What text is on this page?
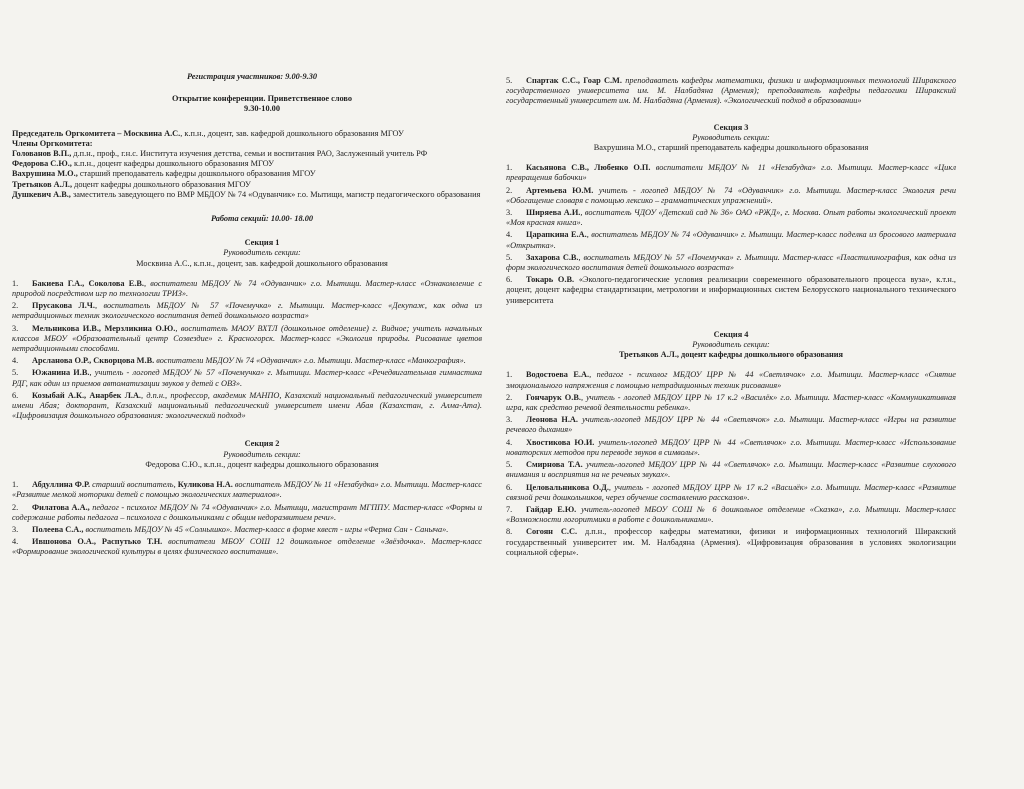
Регистрация участников: 9.00-9.30

Открытие конференции. Приветственное слово

9.30-10.00

Председатель Оргкомитета – Москвина А.С., к.п.н., доцент, зав. кафедрой дошкольного образования МГОУ

Члены Оргкомитета:

Голованов В.П., д.п.н., проф., г.н.с. Института изучения детства, семьи и воспитания РАО, Заслуженный учитель РФ

Федорова С.Ю., к.п.н., доцент кафедры дошкольного образования МГОУ

Вахрушина М.О., старший преподаватель кафедры дошкольного образования МГОУ

Третьяков А.Л., доцент кафедры дошкольного образования МГОУ

Душкевич А.В., заместитель заведующего по ВМР МБДОУ № 74 «Одуванчик» г.о. Мытищи, магистр педагогического образования

Работа секций: 10.00- 18.00

Секция 1

Руководитель секции:

Москвина А.С., к.п.н., доцент, зав. кафедрой дошкольного образования

1. Бакиева Г.А., Соколова Е.В., воспитатели МБДОУ № 74 «Одуванчик» г.о. Мытищи. Мастер-класс «Ознакомление с природой посредством игр по технологии ТРИЗ».
2. Прусакова Л.Ч., воспитатель МБДОУ № 57 «Почемучка» г. Мытищи. Мастер-класс «Декупаж, как одна из нетрадиционных техник экологического воспитания детей дошкольного возраста»
3. Мельникова И.В., Мерзликина О.Ю., воспитатель МАОУ ВХТЛ (дошкольное отделение) г. Видное; учитель начальных классов МБОУ «Образовательный центр Созвездие» г. Красногорск. Мастер-класс «Экология природы. Рисование цветов нетрадиционными способами.
4. Арсланова О.Р., Скворцова М.В. воспитатели МБДОУ № 74 «Одуванчик» г.о. Мытищи. Мастер-класс «Манкография».
5. Южанина И.В., учитель - логопед МБДОУ № 57 «Почемучка» г. Мытищи. Мастер-класс «Речедвигательная гимнастика РДГ, как один из приемов автоматизации звуков у детей с ОВЗ».
6. Козыбай А.К., Анарбек Л.А., д.п.н., профессор, академик МАНПО, Казахский национальный педагогический университет имени Абая; докторант, Казахский национальный педагогический университет имени Абая (Казахстан, г. Алма-Ата). «Цифровизация дошкольного образования: экологический подход»

Секция 2

Руководитель секции:

Федорова С.Ю., к.п.н., доцент кафедры дошкольного образования

1. Абдуллина Ф.Р. старший воспитатель, Куликова Н.А. воспитатель МБДОУ № 11 «Незабудка» г.о. Мытищи. Мастер-класс «Развитие мелкой моторики детей с помощью экологических материалов».
2. Филатова А.А., педагог - психолог МБДОУ № 74 «Одуванчик» г.о. Мытищи, магистрант МГППУ. Мастер-класс «Формы и содержание работы педагога – психолога с дошкольниками с общим недоразвитием речи».
3. Полеева С.А., воспитатель МБДОУ № 45 «Солнышко». Мастер-класс в форме квест - игры «Ферма Сан - Саныча».
4. Ившонова О.А., Распутько Т.Н. воспитатели МБОУ СОШ 12 дошкольное отделение «Звёздочка». Мастер-класс «Формирование экологической культуры в целях физического воспитания».
5. Спартак С.С., Гоар С.М. преподаватель кафедры математики, физики и информационных технологий Ширакского государственного университета им. М. Налбадяна (Армения); преподаватель кафедры педагогики Ширакский государственный университет им. М. Налбадяна (Армения). «Экологический подход в образовании»

Секция 3

Руководитель секции:

Вахрушина М.О., старший преподаватель кафедры дошкольного образования

1. Касьянова С.В., Любенко О.П. воспитатели МБДОУ № 11 «Незабудка» г.о. Мытищи. Мастер-класс «Цикл превращения бабочки»
2. Артемьева Ю.М. учитель - логопед МБДОУ № 74 «Одуванчик» г.о. Мытищи. Мастер-класс Экология речи «Обогащение словаря с помощью лексико – грамматических упражнений».
3. Ширяева А.И., воспитатель ЧДОУ «Детский сад № 36» ОАО «РЖД», г. Москва. Опыт работы экологический проект «Моя красная книга».
4. Царапкина Е.А., воспитатель МБДОУ № 74 «Одуванчик» г. Мытищи. Мастер-класс поделка из бросового материала «Открытка».
5. Захарова С.В., воспитатель МБДОУ № 57 «Почемучка» г. Мытищи. Мастер-класс «Пластилинография, как одна из форм экологического воспитания детей дошкольного возраста»
6. Токарь О.В. «Эколого-педагогические условия реализации современного образовательного процесса вуза», к.т.н., доцент, доцент кафедры стандартизации, метрологии и информационных систем Белорусского национального технического университета

Секция 4

Руководитель секции:

Третьяков А.Л., доцент кафедры дошкольного образования

1. Водостоева Е.А., педагог - психолог МБДОУ ЦРР № 44 «Светлячок» г.о. Мытищи. Мастер-класс «Снятие эмоционального напряжения с помощью нетрадиционных техник рисования»
2. Гончарук О.В., учитель - логопед МБДОУ ЦРР № 17 к.2 «Василёк» г.о. Мытищи. Мастер-класс «Коммуникативная игра, как средство речевой деятельности ребенка».
3. Леонова Н.А. учитель-логопед МБДОУ ЦРР № 44 «Светлячок» г.о. Мытищи. Мастер-класс «Игры на развитие речевого дыхания»
4. Хвостикова Ю.И. учитель-логопед МБДОУ ЦРР № 44 «Светлячок» г.о. Мытищи. Мастер-класс «Использование новаторских методов при переводе звуков в символы».
5. Смирнова Т.А. учитель-логопед МБДОУ ЦРР № 44 «Светлячок» г.о. Мытищи. Мастер-класс «Развитие слухового внимания и восприятия на не речевых звуках».
6. Целовальникова О.Д., учитель - логопед МБДОУ ЦРР № 17 к.2 «Василёк» г.о. Мытищи. Мастер-класс «Развитие связной речи дошкольников, через обучение составлению рассказов».
7. Гайдар Е.Ю. учитель-логопед МБОУ СОШ № 6 дошкольное отделение «Сказка», г.о. Мытищи. Мастер-класс «Возможности логоритмики в работе с дошкольниками».
8. Согоян С.С. д.п.н., профессор кафедры математики, физики и информационных технологий Ширакский государственный университет им. М. Налбадяна (Армения). «Цифровизация образования в условиях экологизации социальной сферы».
